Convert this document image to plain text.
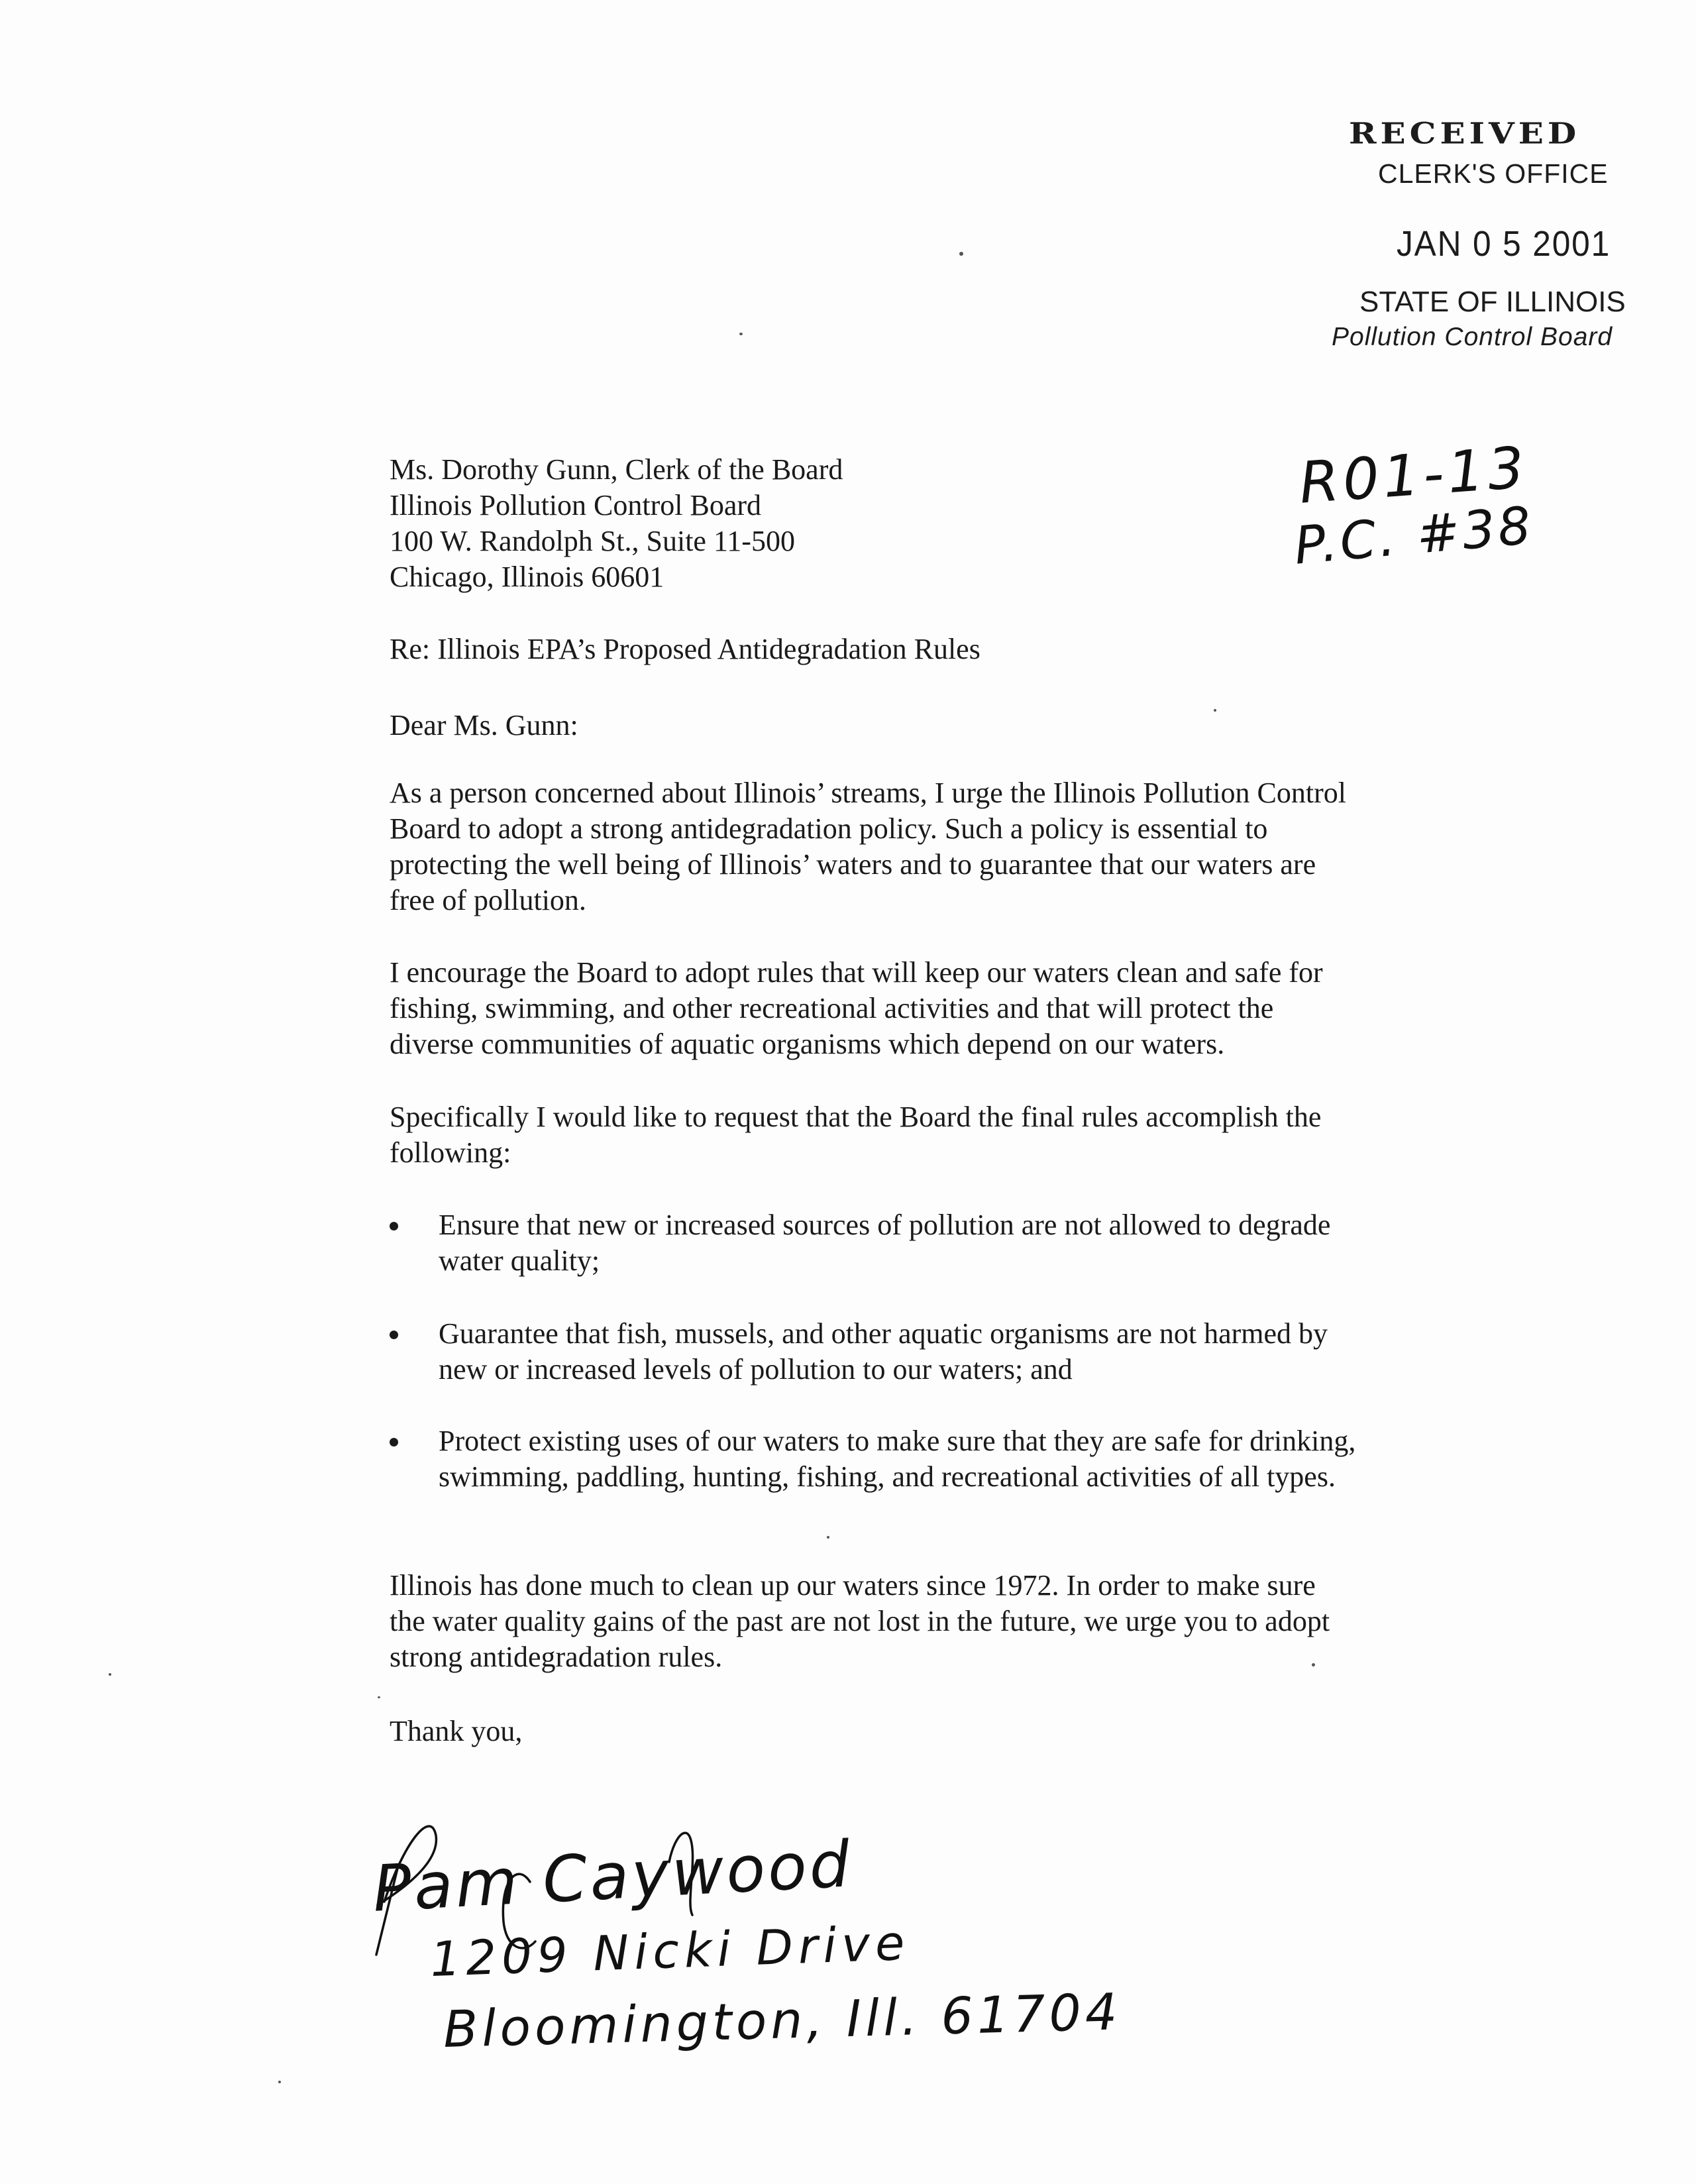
RECEIVED
CLERK'S OFFICE
JAN 0 5 2001
STATE OF ILLINOIS
Pollution Control Board
R01-13
P.C. #38
Ms. Dorothy Gunn, Clerk of the Board
Illinois Pollution Control Board
100 W. Randolph St., Suite 11-500
Chicago, Illinois 60601
Re: Illinois EPA’s Proposed Antidegradation Rules
Dear Ms. Gunn:
As a person concerned about Illinois’ streams, I urge the Illinois Pollution Control
Board to adopt a strong antidegradation policy. Such a policy is essential to
protecting the well being of Illinois’ waters and to guarantee that our waters are
free of pollution.
I encourage the Board to adopt rules that will keep our waters clean and safe for
fishing, swimming, and other recreational activities and that will protect the
diverse communities of aquatic organisms which depend on our waters.
Specifically I would like to request that the Board the final rules accomplish the
following:
Ensure that new or increased sources of pollution are not allowed to degrade
water quality;
Guarantee that fish, mussels, and other aquatic organisms are not harmed by
new or increased levels of pollution to our waters; and
Protect existing uses of our waters to make sure that they are safe for drinking,
swimming, paddling, hunting, fishing, and recreational activities of all types.
Illinois has done much to clean up our waters since 1972. In order to make sure
the water quality gains of the past are not lost in the future, we urge you to adopt
strong antidegradation rules.
Thank you,
Pam Caywood
1209 Nicki Drive
Bloomington, Ill. 61704
